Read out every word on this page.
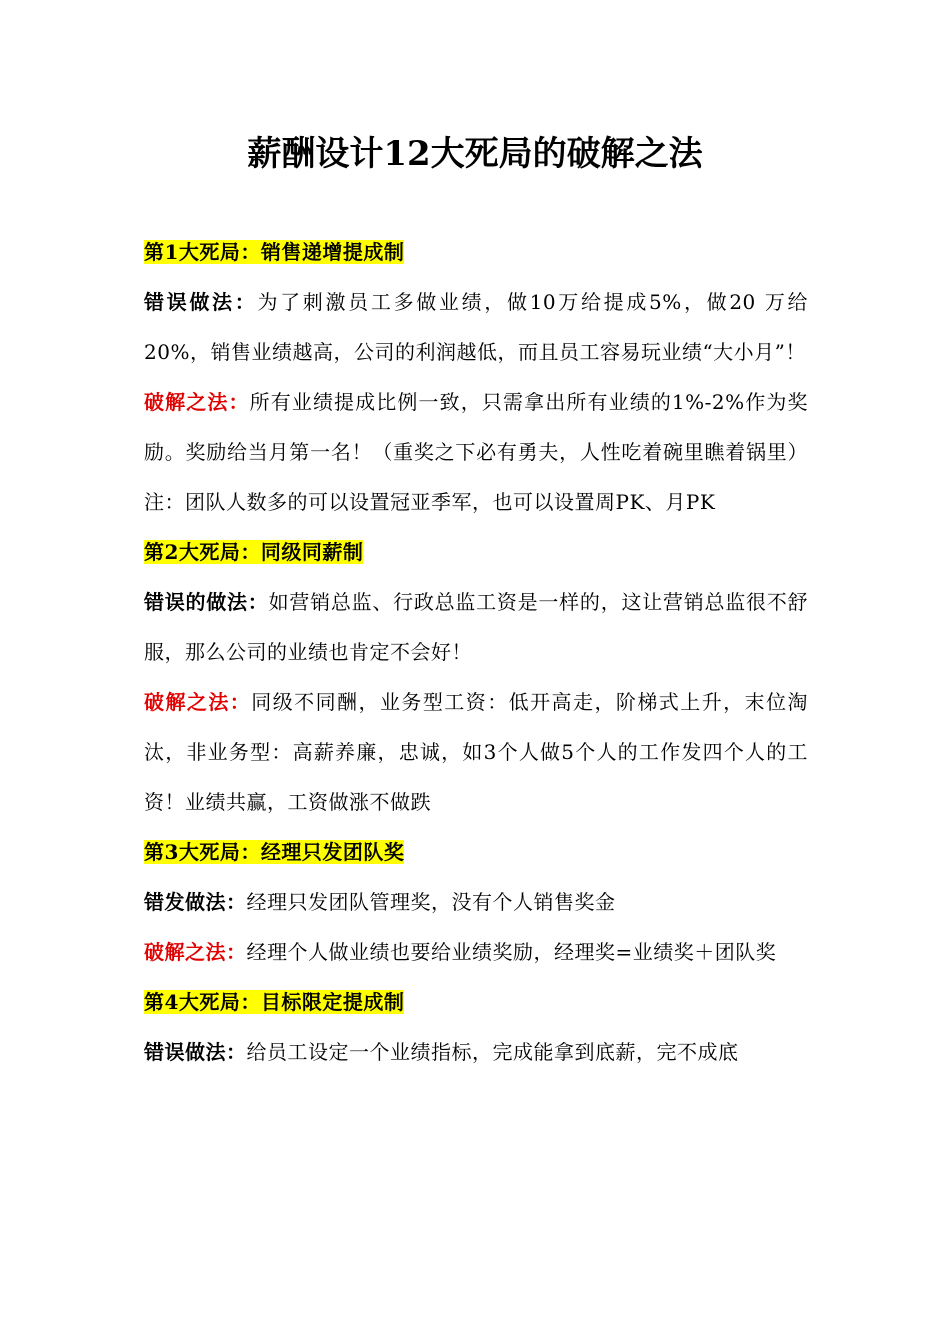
薪酬设计12大死局的破解之法

第1大死局：销售递增提成制

错误做法：为了刺激员工多做业绩，做10万给提成5%，做20 万给20%，销售业绩越高，公司的利润越低，而且员工容易玩业绩“大小月”！

破解之法：所有业绩提成比例一致，只需拿出所有业绩的1%-2%作为奖励。奖励给当月第一名！（重奖之下必有勇夫，人性吃着碗里瞧着锅里）注：团队人数多的可以设置冠亚季军，也可以设置周PK、月PK

第2大死局：同级同薪制

错误的做法：如营销总监、行政总监工资是一样的，这让营销总监很不舒服，那么公司的业绩也肯定不会好！

破解之法：同级不同酬，业务型工资：低开高走，阶梯式上升，末位淘汰，非业务型：高薪养廉，忠诚，如3个人做5个人的工作发四个人的工资！业绩共赢，工资做涨不做跌

第3大死局：经理只发团队奖

错发做法：经理只发团队管理奖，没有个人销售奖金

破解之法：经理个人做业绩也要给业绩奖励，经理奖=业绩奖＋团队奖

第4大死局：目标限定提成制

错误做法：给员工设定一个业绩指标，完成能拿到底薪，完不成底
